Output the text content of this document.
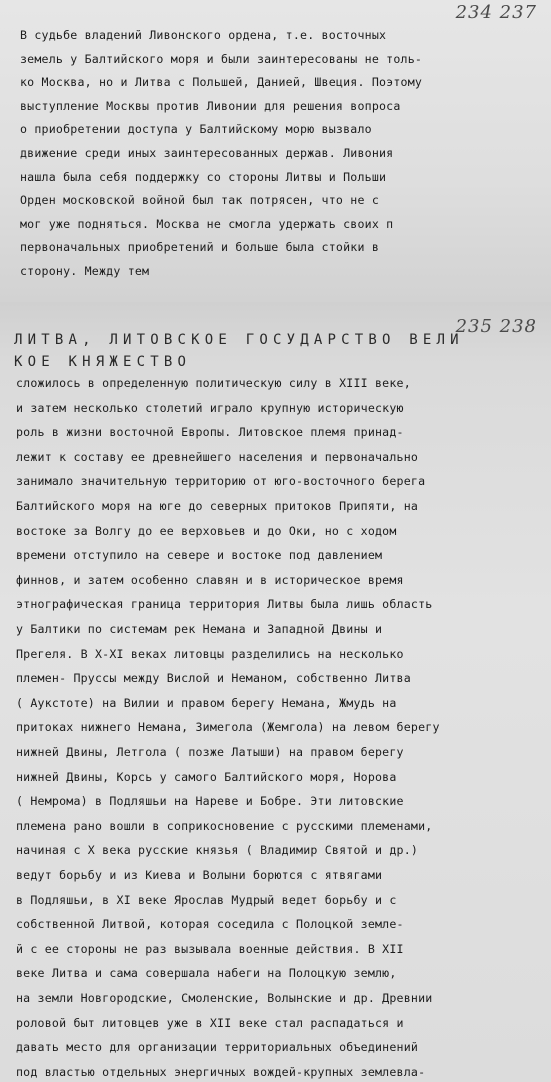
234 237
В судьбе владений Ливонского ордена, т.е. восточных
земель у Балтийского моря и были заинтересованы не толь-
ко Москва, но и Литва с Польшей, Данией, Швеция. Поэтому
выступление Москвы против Ливонии для решения вопроса
о приобретении доступа у Балтийскому морю вызвало
движение среди иных заинтересованных держав. Ливония
нашла была себя поддержку со стороны Литвы и Польши
Орден московской войной был так потрясен, что не с
мог уже подняться. Москва не смогла удержать своих п
первоначальных приобретений и больше была стойки в
сторону. Между тем
235 238
ЛИТВА, ЛИТОВСКОЕ ГОСУДАРСТВО ВЕЛИ
КОЕ КНЯЖЕСТВО
сложилось в определенную политическую силу в XIII веке,
и затем несколько столетий играло крупную историческую
роль в жизни восточной Европы. Литовское племя принад-
лежит к составу ее древнейшего населения и первоначально
занимало значительную территорию от юго-восточного берега
Балтийского моря на юге до северных притоков Припяти, на
востоке за Волгу до ее верховьев и до Оки, но с ходом
времени отступило на севере и востоке под давлением
финнов, и затем особенно славян и в историческое время
этнографическая граница территория Литвы была лишь область
у Балтики по системам рек Немана и Западной Двины и
Прегеля. В X-XI веках литовцы разделились на несколько
племен- Пруссы между Вислой и Неманом, собственно Литва
( Аукстоте) на Вилии и правом берегу Немана, Жмудь на
притоках нижнего Немана, Зимегола (Жемгола) на левом берегу
нижней Двины, Летгола ( позже Латыши) на правом берегу
нижней Двины, Корсь у самого Балтийского моря, Норова
( Немрома) в Подляшьи на Нареве и Бобре. Эти литовские
племена рано вошли в соприкосновение с русскими племенами,
начиная с X века русские князья ( Владимир Святой и др.)
ведут борьбу и из Киева и Волыни борются с ятвягами
в Подляшьи, в XI веке Ярослав Мудрый ведет борьбу и с
собственной Литвой, которая соседила с Полоцкой земле-
й с ее стороны не раз вызывала военные действия. В XII
веке Литва и сама совершала набеги на Полоцкую землю,
на земли Новгородские, Смоленские, Волынские и др. Древнии
роловой быт литовцев уже в XII веке стал распадаться и
давать место для организации территориальных объединений
под властью отдельных энергичных вождей-крупных землевла-
